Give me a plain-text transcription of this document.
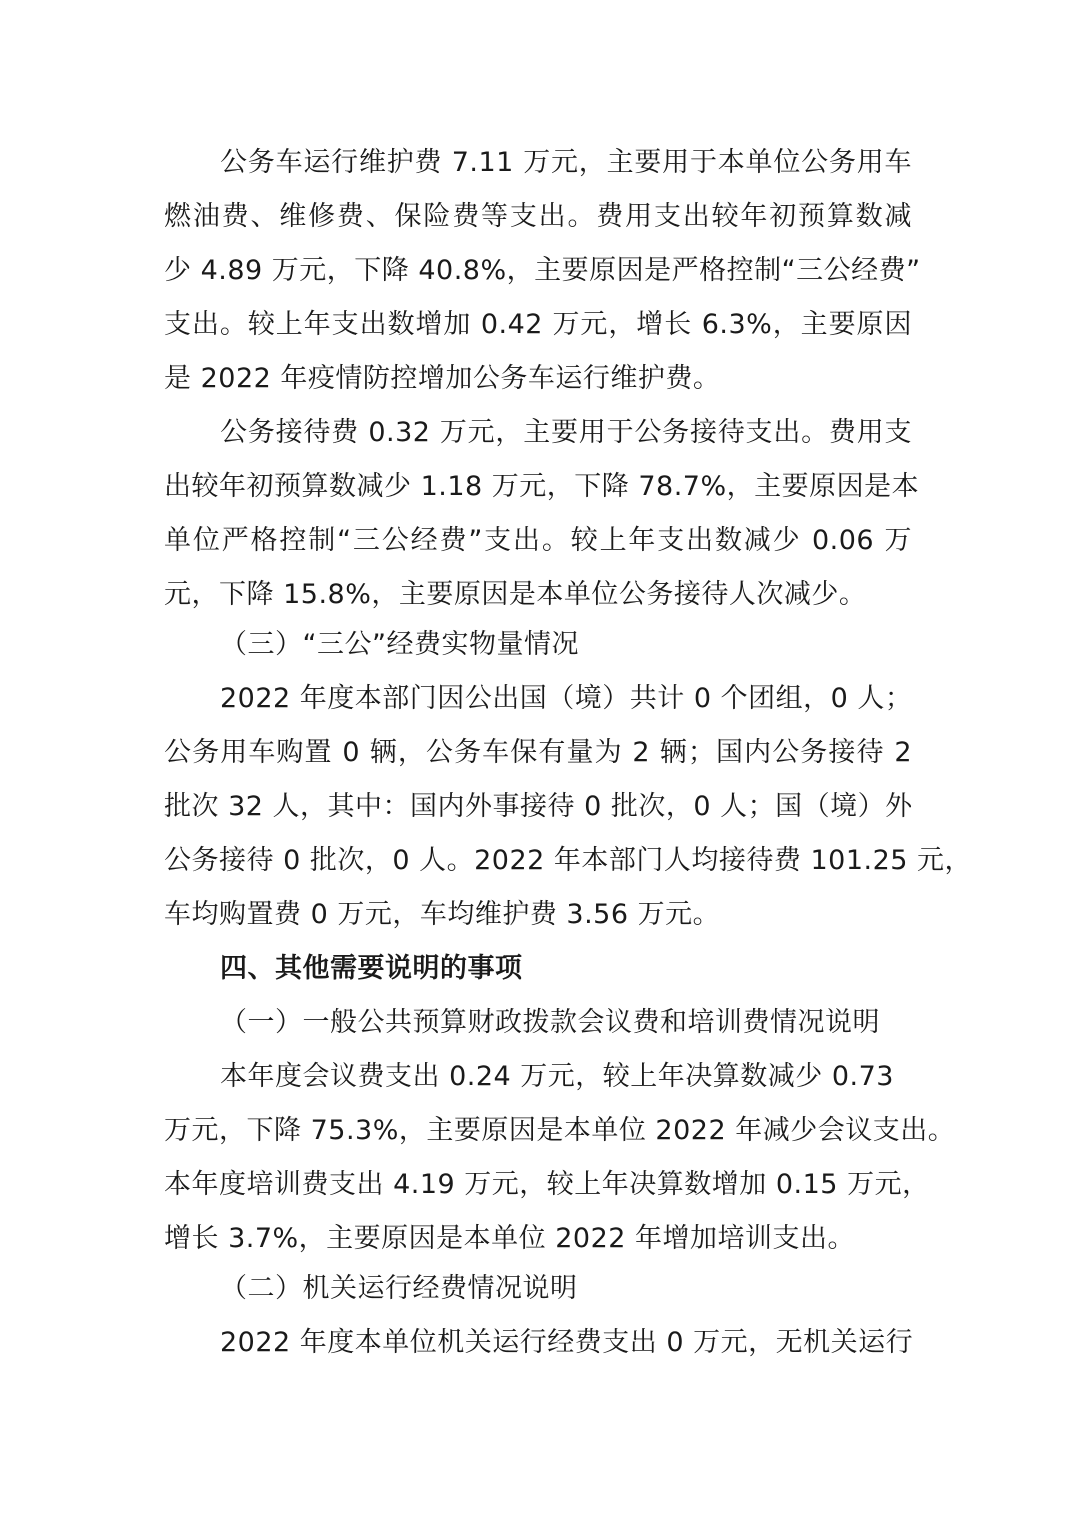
公务车运行维护费 7.11 万元，主要用于本单位公务用车
燃油费、维修费、保险费等支出。费用支出较年初预算数减
少 4.89 万元，下降 40.8%，主要原因是严格控制“三公经费”
支出。较上年支出数增加 0.42 万元，增长 6.3%，主要原因
是 2022 年疫情防控增加公务车运行维护费。
公务接待费 0.32 万元，主要用于公务接待支出。费用支
出较年初预算数减少 1.18 万元，下降 78.7%，主要原因是本
单位严格控制“三公经费”支出。较上年支出数减少 0.06 万
元，下降 15.8%，主要原因是本单位公务接待人次减少。
（三）“三公”经费实物量情况
2022 年度本部门因公出国（境）共计 0 个团组，0 人；
公务用车购置 0 辆，公务车保有量为 2 辆；国内公务接待 2
批次 32 人，其中：国内外事接待 0 批次，0 人；国（境）外
公务接待 0 批次，0 人。2022 年本部门人均接待费 101.25 元，
车均购置费 0 万元，车均维护费 3.56 万元。
四、其他需要说明的事项
（一）一般公共预算财政拨款会议费和培训费情况说明
本年度会议费支出 0.24 万元，较上年决算数减少 0.73
万元，下降 75.3%，主要原因是本单位 2022 年减少会议支出。
本年度培训费支出 4.19 万元，较上年决算数增加 0.15 万元，
增长 3.7%，主要原因是本单位 2022 年增加培训支出。
（二）机关运行经费情况说明
2022 年度本单位机关运行经费支出 0 万元，无机关运行
